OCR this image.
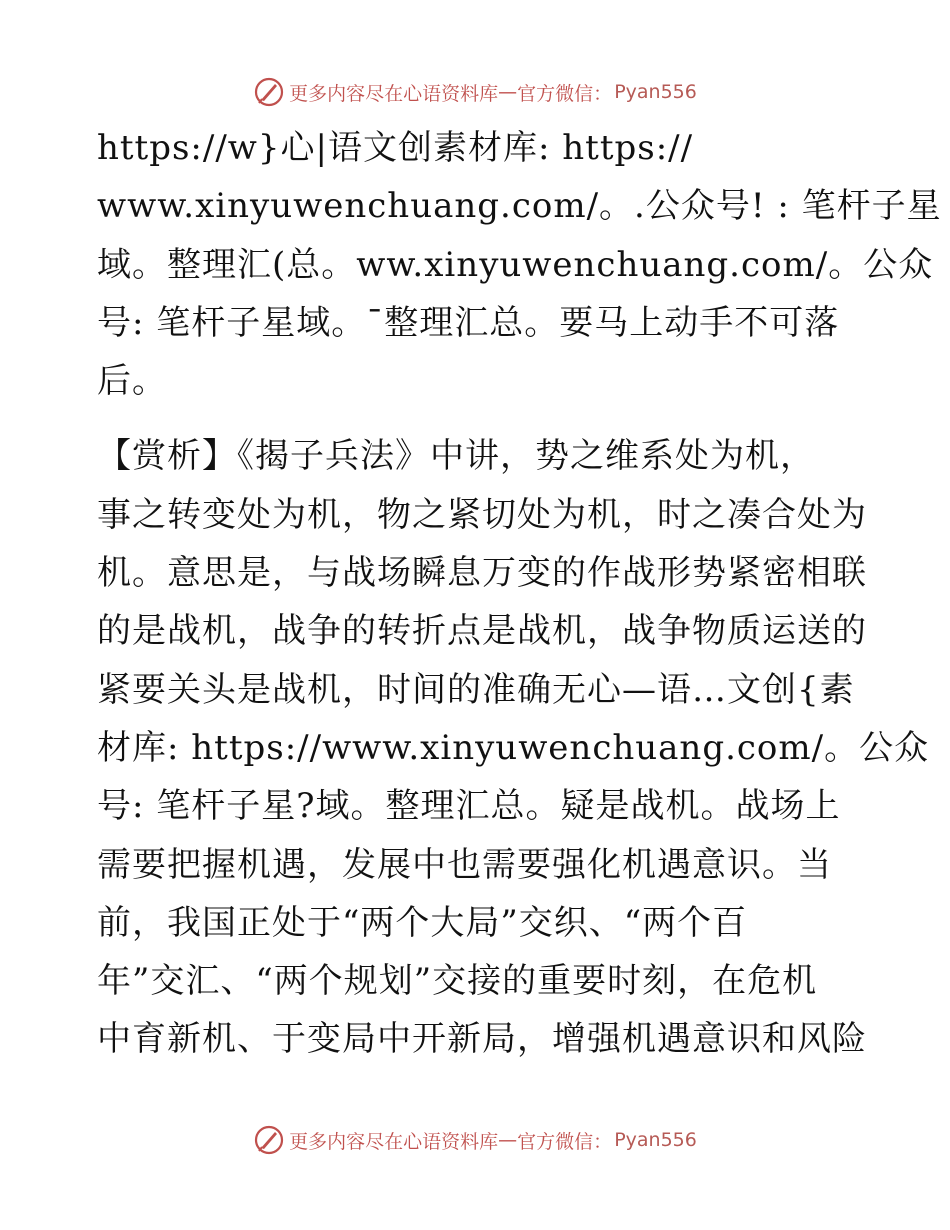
更多内容尽在心语资料库 — 官方微信： Pyan556
https://w}心|语文创素材库: https://
www.xinyuwenchuang.com/。.公众号! : 笔杆子星
域。整理汇(总。ww.xinyuwenchuang.com/。公众
号: 笔杆子星域。¯整理汇总。要马上动手不可落
后。
【赏析】《揭子兵法》中讲，势之维系处为机，
事之转变处为机，物之紧切处为机，时之凑合处为
机。意思是，与战场瞬息万变的作战形势紧密相联
的是战机，战争的转折点是战机，战争物质运送的
紧要关头是战机，时间的准确无心—语…文创{素
材库: https://www.xinyuwenchuang.com/。公众
号: 笔杆子星?域。整理汇总。疑是战机。战场上
需要把握机遇，发展中也需要强化机遇意识。当
前，我国正处于“两个大局”交织、“两个百
年”交汇、“两个规划”交接的重要时刻，在危机
中育新机、于变局中开新局，增强机遇意识和风险
更多内容尽在心语资料库 — 官方微信： Pyan556
